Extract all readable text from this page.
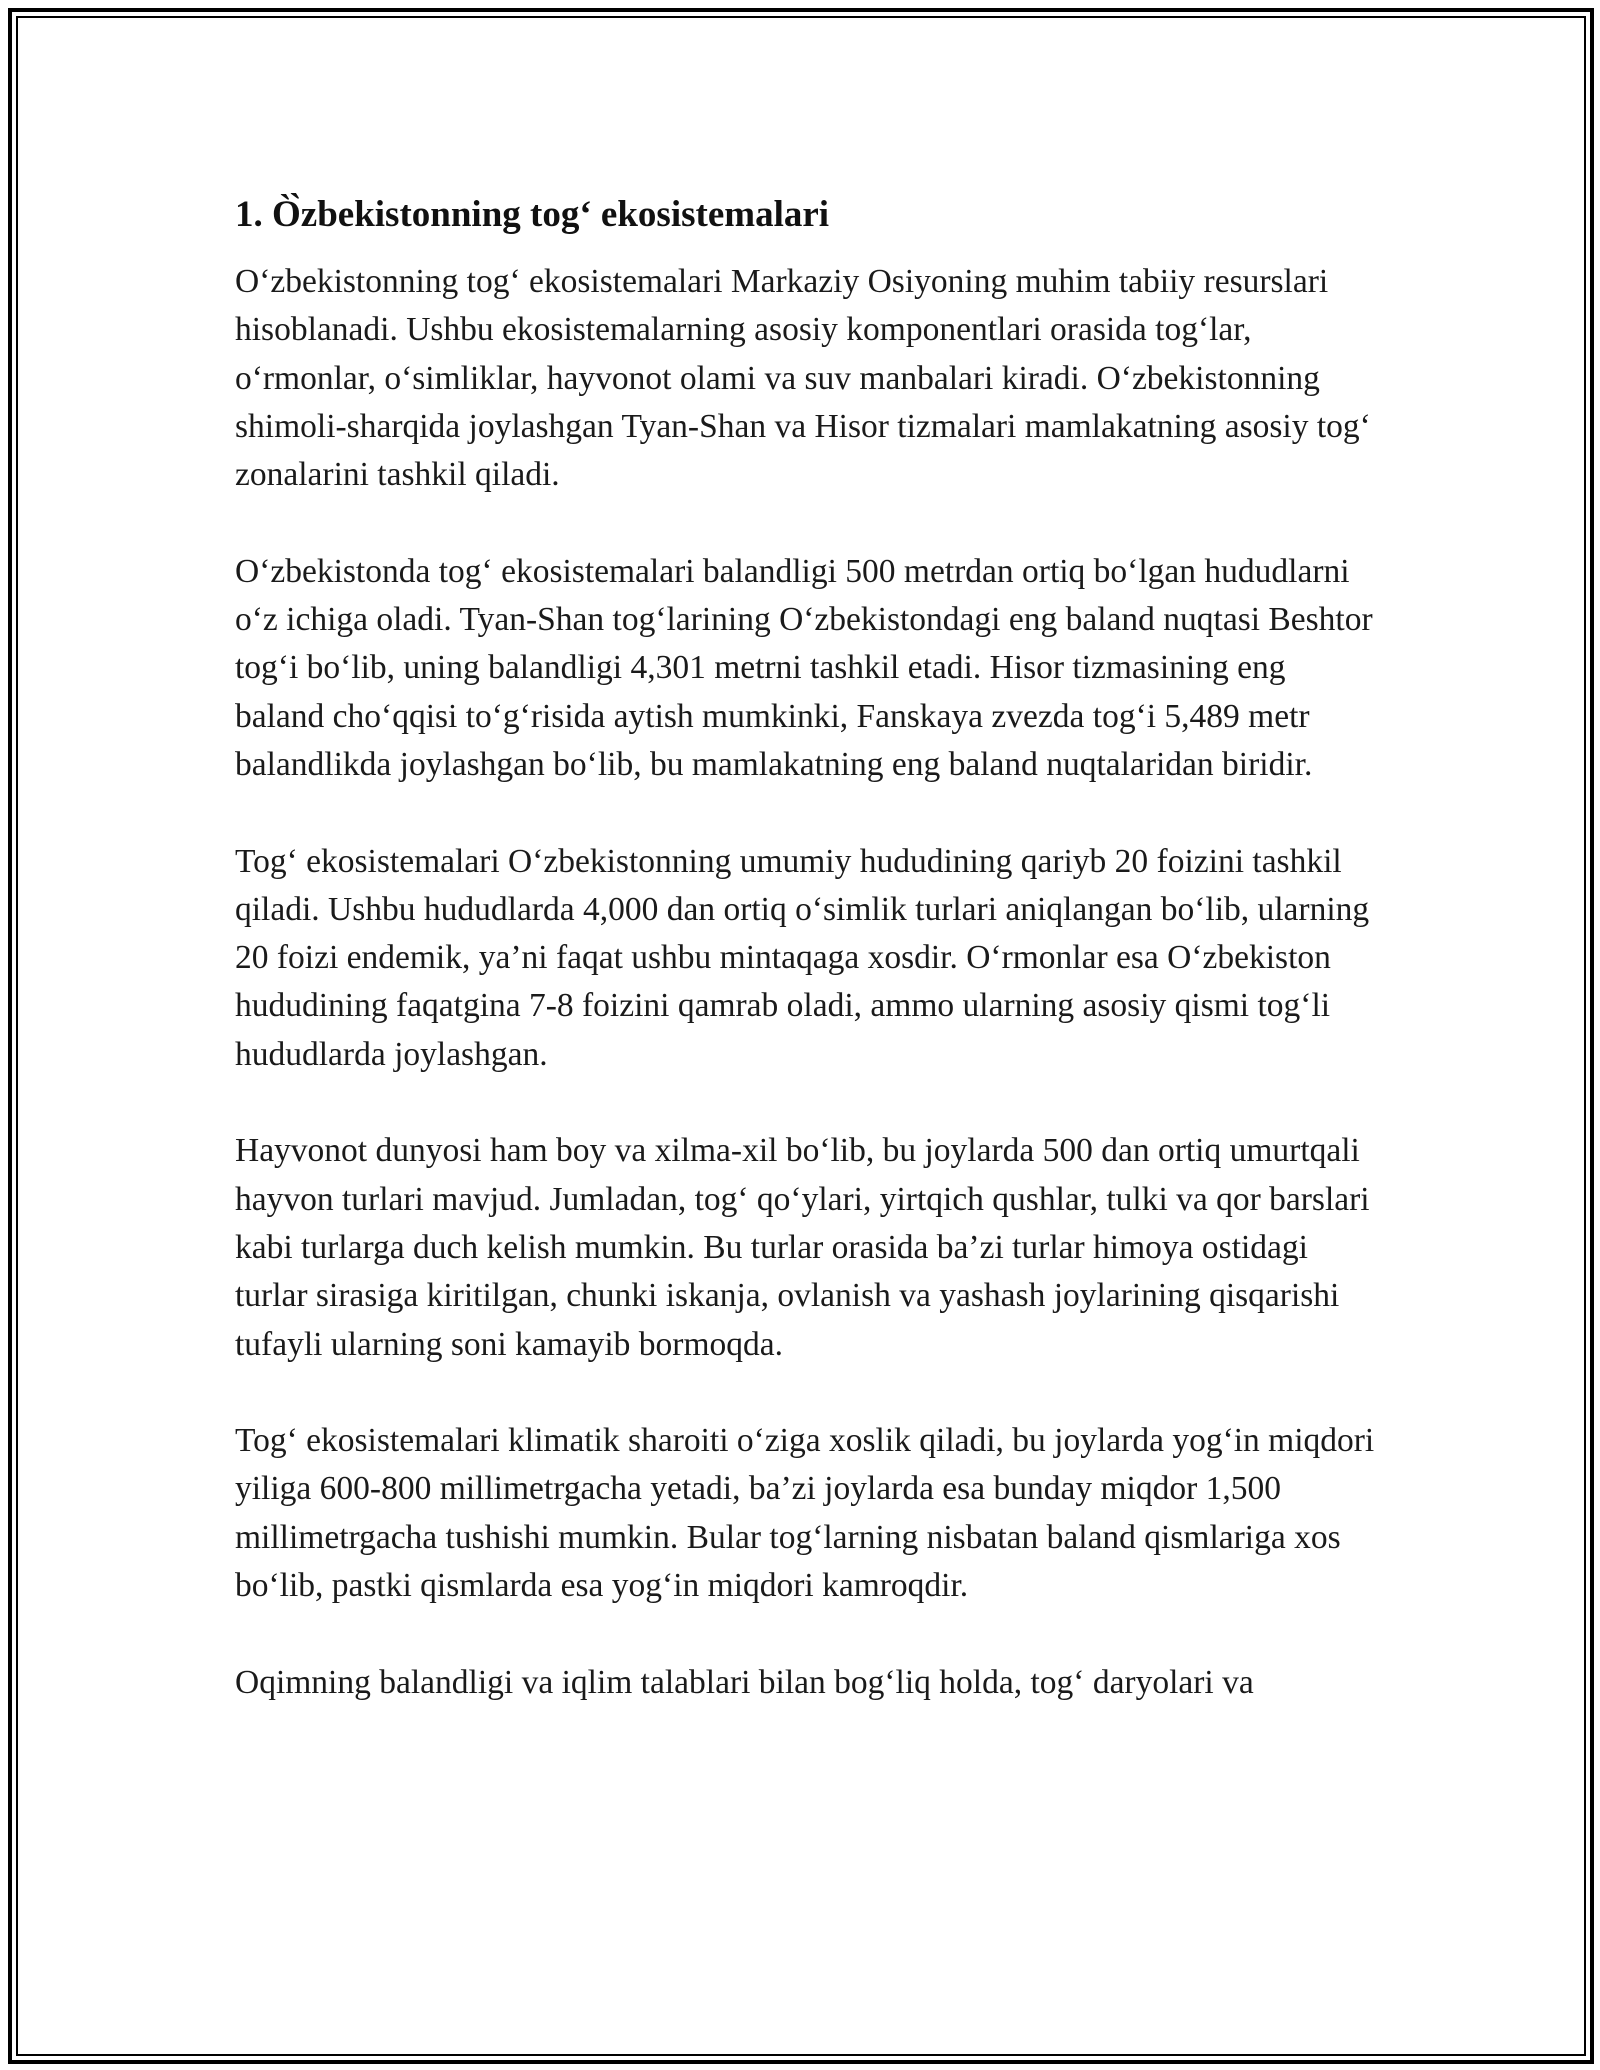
1. Ò̀zbekistonning tog‘ ekosistemalari

O‘zbekistonning tog‘ ekosistemalari Markaziy Osiyoning muhim tabiiy resurslari hisoblanadi. Ushbu ekosistemalarning asosiy komponentlari orasida tog‘lar, o‘rmonlar, o‘simliklar, hayvonot olami va suv manbalari kiradi. O‘zbekistonning shimoli-sharqida joylashgan Tyan-Shan va Hisor tizmalari mamlakatning asosiy tog‘ zonalarini tashkil qiladi.

O‘zbekistonda tog‘ ekosistemalari balandligi 500 metrdan ortiq bo‘lgan hududlarni o‘z ichiga oladi. Tyan-Shan tog‘larining O‘zbekistondagi eng baland nuqtasi Beshtor tog‘i bo‘lib, uning balandligi 4,301 metrni tashkil etadi. Hisor tizmasining eng baland cho‘qqisi to‘g‘risida aytish mumkinki, Fanskaya zvezda tog‘i 5,489 metr balandlikda joylashgan bo‘lib, bu mamlakatning eng baland nuqtalaridan biridir.

Tog‘ ekosistemalari O‘zbekistonning umumiy hududining qariyb 20 foizini tashkil qiladi. Ushbu hududlarda 4,000 dan ortiq o‘simlik turlari aniqlangan bo‘lib, ularning 20 foizi endemik, ya’ni faqat ushbu mintaqaga xosdir. O‘rmonlar esa O‘zbekiston hududining faqatgina 7-8 foizini qamrab oladi, ammo ularning asosiy qismi tog‘li hududlarda joylashgan.

Hayvonot dunyosi ham boy va xilma-xil bo‘lib, bu joylarda 500 dan ortiq umurtqali hayvon turlari mavjud. Jumladan, tog‘ qo‘ylari, yirtqich qushlar, tulki va qor barslari kabi turlarga duch kelish mumkin. Bu turlar orasida ba’zi turlar himoya ostidagi turlar sirasiga kiritilgan, chunki iskanja, ovlanish va yashash joylarining qisqarishi tufayli ularning soni kamayib bormoqda.

Tog‘ ekosistemalari klimatik sharoiti o‘ziga xoslik qiladi, bu joylarda yog‘in miqdori yiliga 600-800 millimetrgacha yetadi, ba’zi joylarda esa bunday miqdor 1,500 millimetrgacha tushishi mumkin. Bular tog‘larning nisbatan baland qismlariga xos bo‘lib, pastki qismlarda esa yog‘in miqdori kamroqdir.

Oqimning balandligi va iqlim talablari bilan bog‘liq holda, tog‘ daryolari va
